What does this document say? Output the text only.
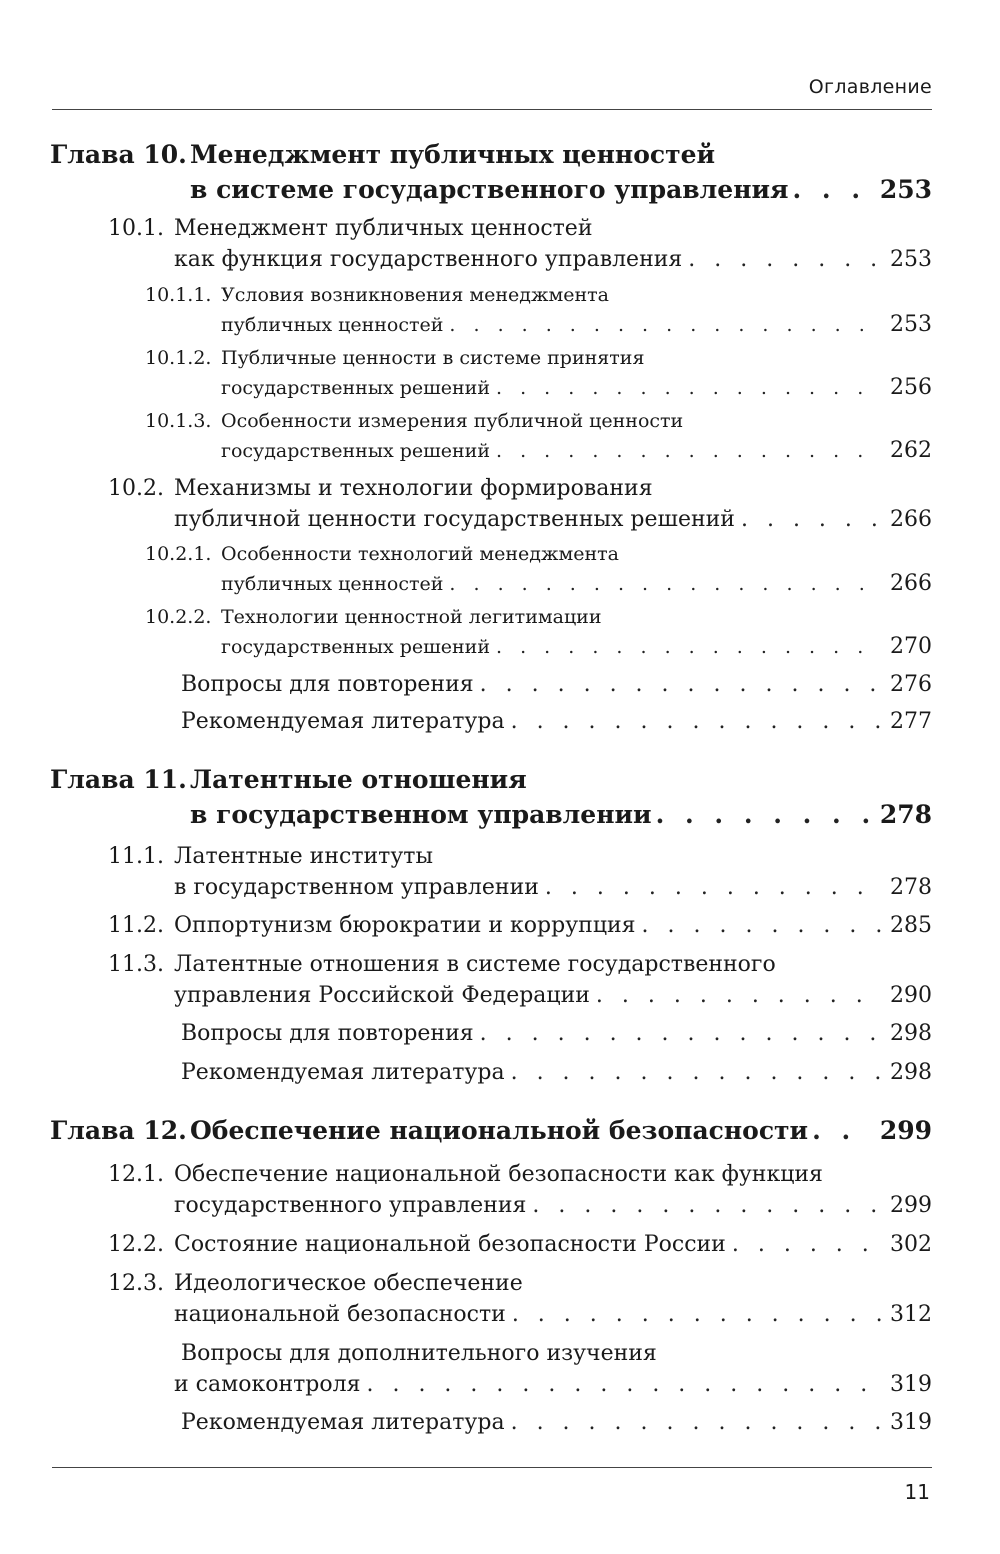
Оглавление
Глава 10. Менеджмент публичных ценностей
в системе государственного управления . . .	253
10.1. Менеджмент публичных ценностей
как функция государственного управления . . .	253
10.1.1. Условия возникновения менеджмента
публичных ценностей . . .	253
10.1.2. Публичные ценности в системе принятия
государственных решений . . .	256
10.1.3. Особенности измерения публичной ценности
государственных решений . . .	262
10.2. Механизмы и технологии формирования
публичной ценности государственных решений . . .	266
10.2.1. Особенности технологий менеджмента
публичных ценностей . . .	266
10.2.2. Технологии ценностной легитимации
государственных решений . . .	270
Вопросы для повторения . . .	276
Рекомендуемая литература . . .	277
Глава 11. Латентные отношения
в государственном управлении . . .	278
11.1. Латентные институты
в государственном управлении . . .	278
11.2. Оппортунизм бюрократии и коррупция . . .	285
11.3. Латентные отношения в системе государственного
управления Российской Федерации . . .	290
Вопросы для повторения . . .	298
Рекомендуемая литература . . .	298
Глава 12. Обеспечение национальной безопасности . . .	299
12.1. Обеспечение национальной безопасности как функция
государственного управления . . .	299
12.2. Состояние национальной безопасности России . . .	302
12.3. Идеологическое обеспечение
национальной безопасности . . .	312
Вопросы для дополнительного изучения
и самоконтроля . . .	319
Рекомендуемая литература . . .	319
11
